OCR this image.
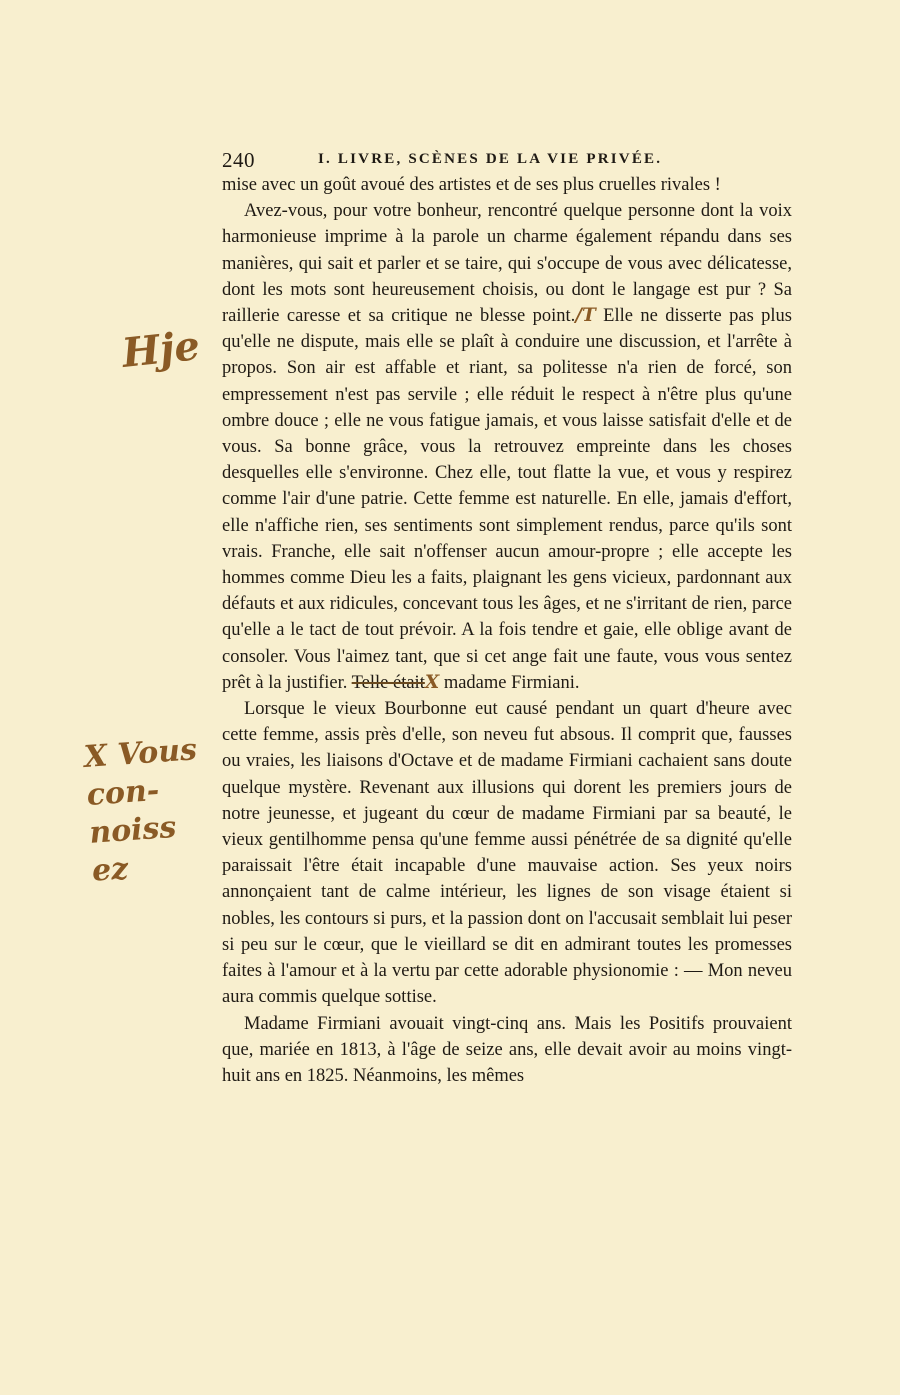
240	I. LIVRE, SCÈNES DE LA VIE PRIVÉE.

mise avec un goût avoué des artistes et de ses plus cruelles rivales !

Avez-vous, pour votre bonheur, rencontré quelque personne dont la voix harmonieuse imprime à la parole un charme également répandu dans ses manières, qui sait et parler et se taire, qui s'occupe de vous avec délicatesse, dont les mots sont heureusement choisis, ou dont le langage est pur ? Sa raillerie caresse et sa critique ne blesse point./T Elle ne disserte pas plus qu'elle ne dispute, mais elle se plaît à conduire une discussion, et l'arrête à propos. Son air est affable et riant, sa politesse n'a rien de forcé, son empressement n'est pas servile ; elle réduit le respect à n'être plus qu'une ombre douce ; elle ne vous fatigue jamais, et vous laisse satisfait d'elle et de vous. Sa bonne grâce, vous la retrouvez empreinte dans les choses desquelles elle s'environne. Chez elle, tout flatte la vue, et vous y respirez comme l'air d'une patrie. Cette femme est naturelle. En elle, jamais d'effort, elle n'affiche rien, ses sentiments sont simplement rendus, parce qu'ils sont vrais. Franche, elle sait n'offenser aucun amour-propre ; elle accepte les hommes comme Dieu les a faits, plaignant les gens vicieux, pardonnant aux défauts et aux ridicules, concevant tous les âges, et ne s'irritant de rien, parce qu'elle a le tact de tout prévoir. A la fois tendre et gaie, elle oblige avant de consoler. Vous l'aimez tant, que si cet ange fait une faute, vous vous sentez prêt à la justifier. Telle étaitX madame Firmiani.

Lorsque le vieux Bourbonne eut causé pendant un quart d'heure avec cette femme, assis près d'elle, son neveu fut absous. Il comprit que, fausses ou vraies, les liaisons d'Octave et de madame Firmiani cachaient sans doute quelque mystère. Revenant aux illusions qui dorent les premiers jours de notre jeunesse, et jugeant du cœur de madame Firmiani par sa beauté, le vieux gentilhomme pensa qu'une femme aussi pénétrée de sa dignité qu'elle paraissait l'être était incapable d'une mauvaise action. Ses yeux noirs annonçaient tant de calme intérieur, les lignes de son visage étaient si nobles, les contours si purs, et la passion dont on l'accusait semblait lui peser si peu sur le cœur, que le vieillard se dit en admirant toutes les promesses faites à l'amour et à la vertu par cette adorable physionomie : — Mon neveu aura commis quelque sottise.

Madame Firmiani avouait vingt-cinq ans. Mais les Positifs prouvaient que, mariée en 1813, à l'âge de seize ans, elle devait avoir au moins vingt-huit ans en 1825. Néanmoins, les mêmes

Hje
X Vous
con-
noiss
ez
